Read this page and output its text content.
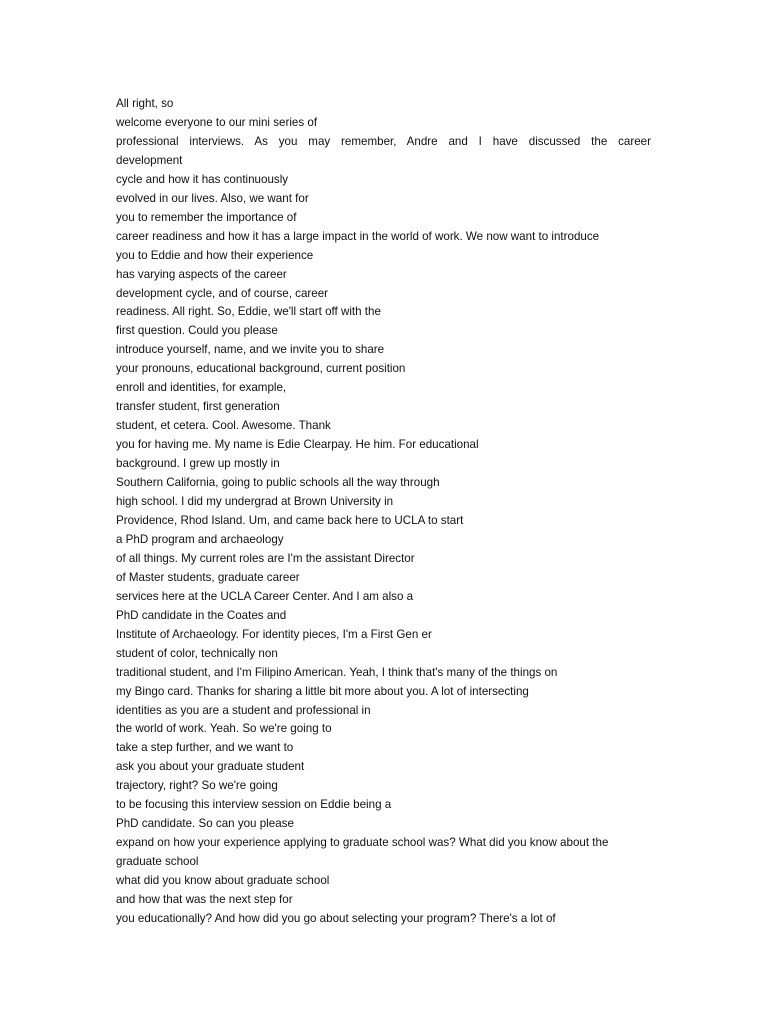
All right, so
welcome everyone to our mini series of
professional interviews. As you may remember, Andre and I have discussed the career
development
cycle and how it has continuously
evolved in our lives. Also, we want for
you to remember the importance of
career readiness and how it has a large impact in the world of work. We now want to introduce
you to Eddie and how their experience
has varying aspects of the career
development cycle, and of course, career
readiness. All right. So, Eddie, we'll start off with the
first question. Could you please
introduce yourself, name, and we invite you to share
your pronouns, educational background, current position
enroll and identities, for example,
transfer student, first generation
student, et cetera. Cool. Awesome. Thank
you for having me. My name is Edie Clearpay. He him. For educational
background. I grew up mostly in
Southern California, going to public schools all the way through
high school. I did my undergrad at Brown University in
Providence, Rhod Island. Um, and came back here to UCLA to start
a PhD program and archaeology
of all things. My current roles are I'm the assistant Director
of Master students, graduate career
services here at the UCLA Career Center. And I am also a
PhD candidate in the Coates and
Institute of Archaeology. For identity pieces, I'm a First Gen er
student of color, technically non
traditional student, and I'm Filipino American. Yeah, I think that's many of the things on
my Bingo card. Thanks for sharing a little bit more about you. A lot of intersecting
identities as you are a student and professional in
the world of work. Yeah. So we're going to
take a step further, and we want to
ask you about your graduate student
trajectory, right? So we're going
to be focusing this interview session on Eddie being a
PhD candidate. So can you please
expand on how your experience applying to graduate school was? What did you know about the
graduate school
what did you know about graduate school
and how that was the next step for
you educationally? And how did you go about selecting your program? There's a lot of
